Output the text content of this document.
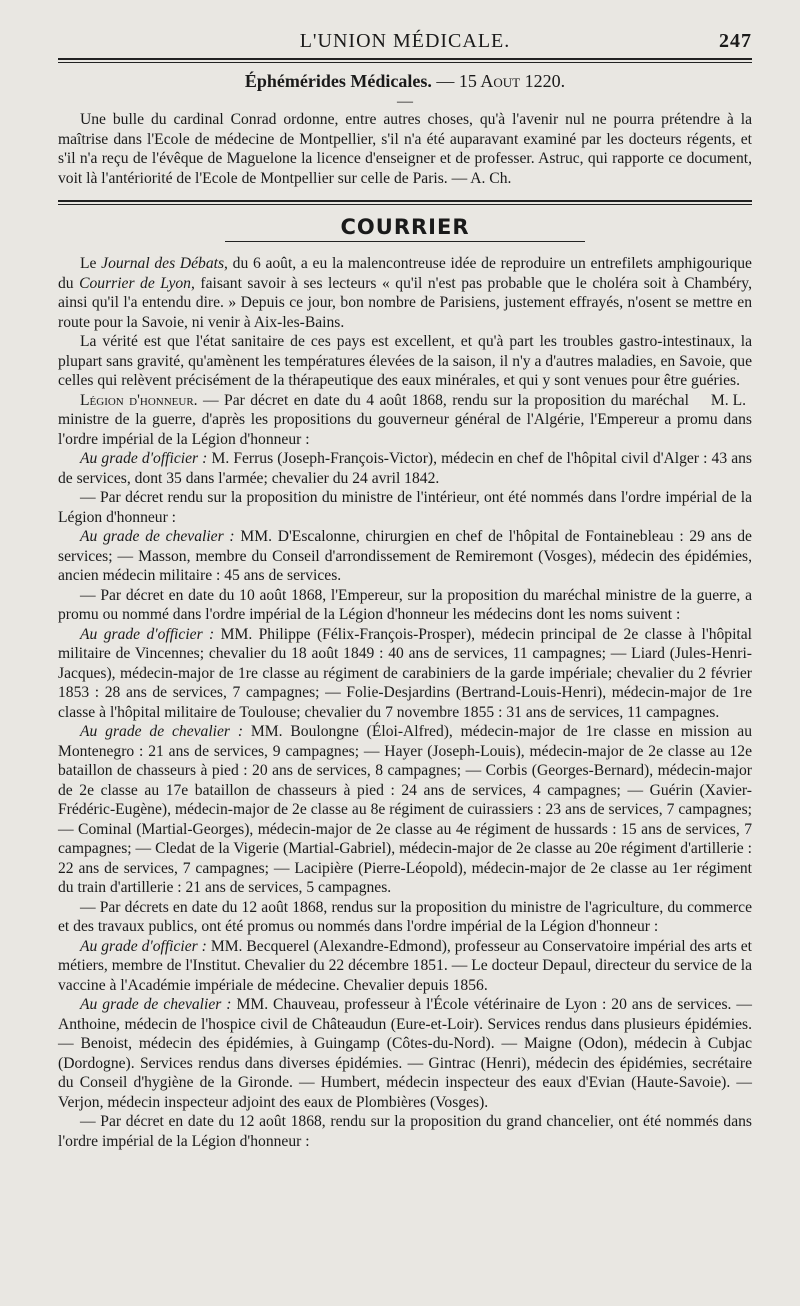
L'UNION MÉDICALE.	247
Éphémérides Médicales. — 15 Aout 1220.
—

Une bulle du cardinal Conrad ordonne, entre autres choses, qu'à l'avenir nul ne pourra prétendre à la maîtrise dans l'Ecole de médecine de Montpellier, s'il n'a été auparavant examiné par les docteurs régents, et s'il n'a reçu de l'évêque de Maguelone la licence d'enseigner et de professer. Astruc, qui rapporte ce document, voit là l'antériorité de l'Ecole de Montpellier sur celle de Paris. — A. Ch.

COURRIER

Le Journal des Débats, du 6 août, a eu la malencontreuse idée de reproduire un entrefilets amphigourique du Courrier de Lyon, faisant savoir à ses lecteurs « qu'il n'est pas probable que le choléra soit à Chambéry, ainsi qu'il l'a entendu dire. » Depuis ce jour, bon nombre de Parisiens, justement effrayés, n'osent se mettre en route pour la Savoie, ni venir à Aix-les-Bains.

La vérité est que l'état sanitaire de ces pays est excellent, et qu'à part les troubles gastro-intestinaux, la plupart sans gravité, qu'amènent les températures élevées de la saison, il n'y a d'autres maladies, en Savoie, que celles qui relèvent précisément de la thérapeutique des eaux minérales, et qui y sont venues pour être guéries.
M. L.

Légion d'honneur. — Par décret en date du 4 août 1868, rendu sur la proposition du maréchal ministre de la guerre, d'après les propositions du gouverneur général de l'Algérie, l'Empereur a promu dans l'ordre impérial de la Légion d'honneur :

Au grade d'officier : M. Ferrus (Joseph-François-Victor), médecin en chef de l'hôpital civil d'Alger : 43 ans de services, dont 35 dans l'armée; chevalier du 24 avril 1842.

— Par décret rendu sur la proposition du ministre de l'intérieur, ont été nommés dans l'ordre impérial de la Légion d'honneur :

Au grade de chevalier : MM. D'Escalonne, chirurgien en chef de l'hôpital de Fontainebleau : 29 ans de services; — Masson, membre du Conseil d'arrondissement de Remiremont (Vosges), médecin des épidémies, ancien médecin militaire : 45 ans de services.

— Par décret en date du 10 août 1868, l'Empereur, sur la proposition du maréchal ministre de la guerre, a promu ou nommé dans l'ordre impérial de la Légion d'honneur les médecins dont les noms suivent :

Au grade d'officier : MM. Philippe (Félix-François-Prosper), médecin principal de 2e classe à l'hôpital militaire de Vincennes; chevalier du 18 août 1849 : 40 ans de services, 11 campagnes; — Liard (Jules-Henri-Jacques), médecin-major de 1re classe au régiment de carabiniers de la garde impériale; chevalier du 2 février 1853 : 28 ans de services, 7 campagnes; — Folie-Desjardins (Bertrand-Louis-Henri), médecin-major de 1re classe à l'hôpital militaire de Toulouse; chevalier du 7 novembre 1855 : 31 ans de services, 11 campagnes.

Au grade de chevalier : MM. Boulongne (Éloi-Alfred), médecin-major de 1re classe en mission au Montenegro : 21 ans de services, 9 campagnes; — Hayer (Joseph-Louis), médecin-major de 2e classe au 12e bataillon de chasseurs à pied : 20 ans de services, 8 campagnes; — Corbis (Georges-Bernard), médecin-major de 2e classe au 17e bataillon de chasseurs à pied : 24 ans de services, 4 campagnes; — Guérin (Xavier-Frédéric-Eugène), médecin-major de 2e classe au 8e régiment de cuirassiers : 23 ans de services, 7 campagnes; — Cominal (Martial-Georges), médecin-major de 2e classe au 4e régiment de hussards : 15 ans de services, 7 campagnes; — Cledat de la Vigerie (Martial-Gabriel), médecin-major de 2e classe au 20e régiment d'artillerie : 22 ans de services, 7 campagnes; — Lacipière (Pierre-Léopold), médecin-major de 2e classe au 1er régiment du train d'artillerie : 21 ans de services, 5 campagnes.

— Par décrets en date du 12 août 1868, rendus sur la proposition du ministre de l'agriculture, du commerce et des travaux publics, ont été promus ou nommés dans l'ordre impérial de la Légion d'honneur :

Au grade d'officier : MM. Becquerel (Alexandre-Edmond), professeur au Conservatoire impérial des arts et métiers, membre de l'Institut. Chevalier du 22 décembre 1851. — Le docteur Depaul, directeur du service de la vaccine à l'Académie impériale de médecine. Chevalier depuis 1856.

Au grade de chevalier : MM. Chauveau, professeur à l'École vétérinaire de Lyon : 20 ans de services. — Anthoine, médecin de l'hospice civil de Châteaudun (Eure-et-Loir). Services rendus dans plusieurs épidémies. — Benoist, médecin des épidémies, à Guingamp (Côtes-du-Nord). — Maigne (Odon), médecin à Cubjac (Dordogne). Services rendus dans diverses épidémies. — Gintrac (Henri), médecin des épidémies, secrétaire du Conseil d'hygiène de la Gironde. — Humbert, médecin inspecteur des eaux d'Evian (Haute-Savoie). — Verjon, médecin inspecteur adjoint des eaux de Plombières (Vosges).

— Par décret en date du 12 août 1868, rendu sur la proposition du grand chancelier, ont été nommés dans l'ordre impérial de la Légion d'honneur :
